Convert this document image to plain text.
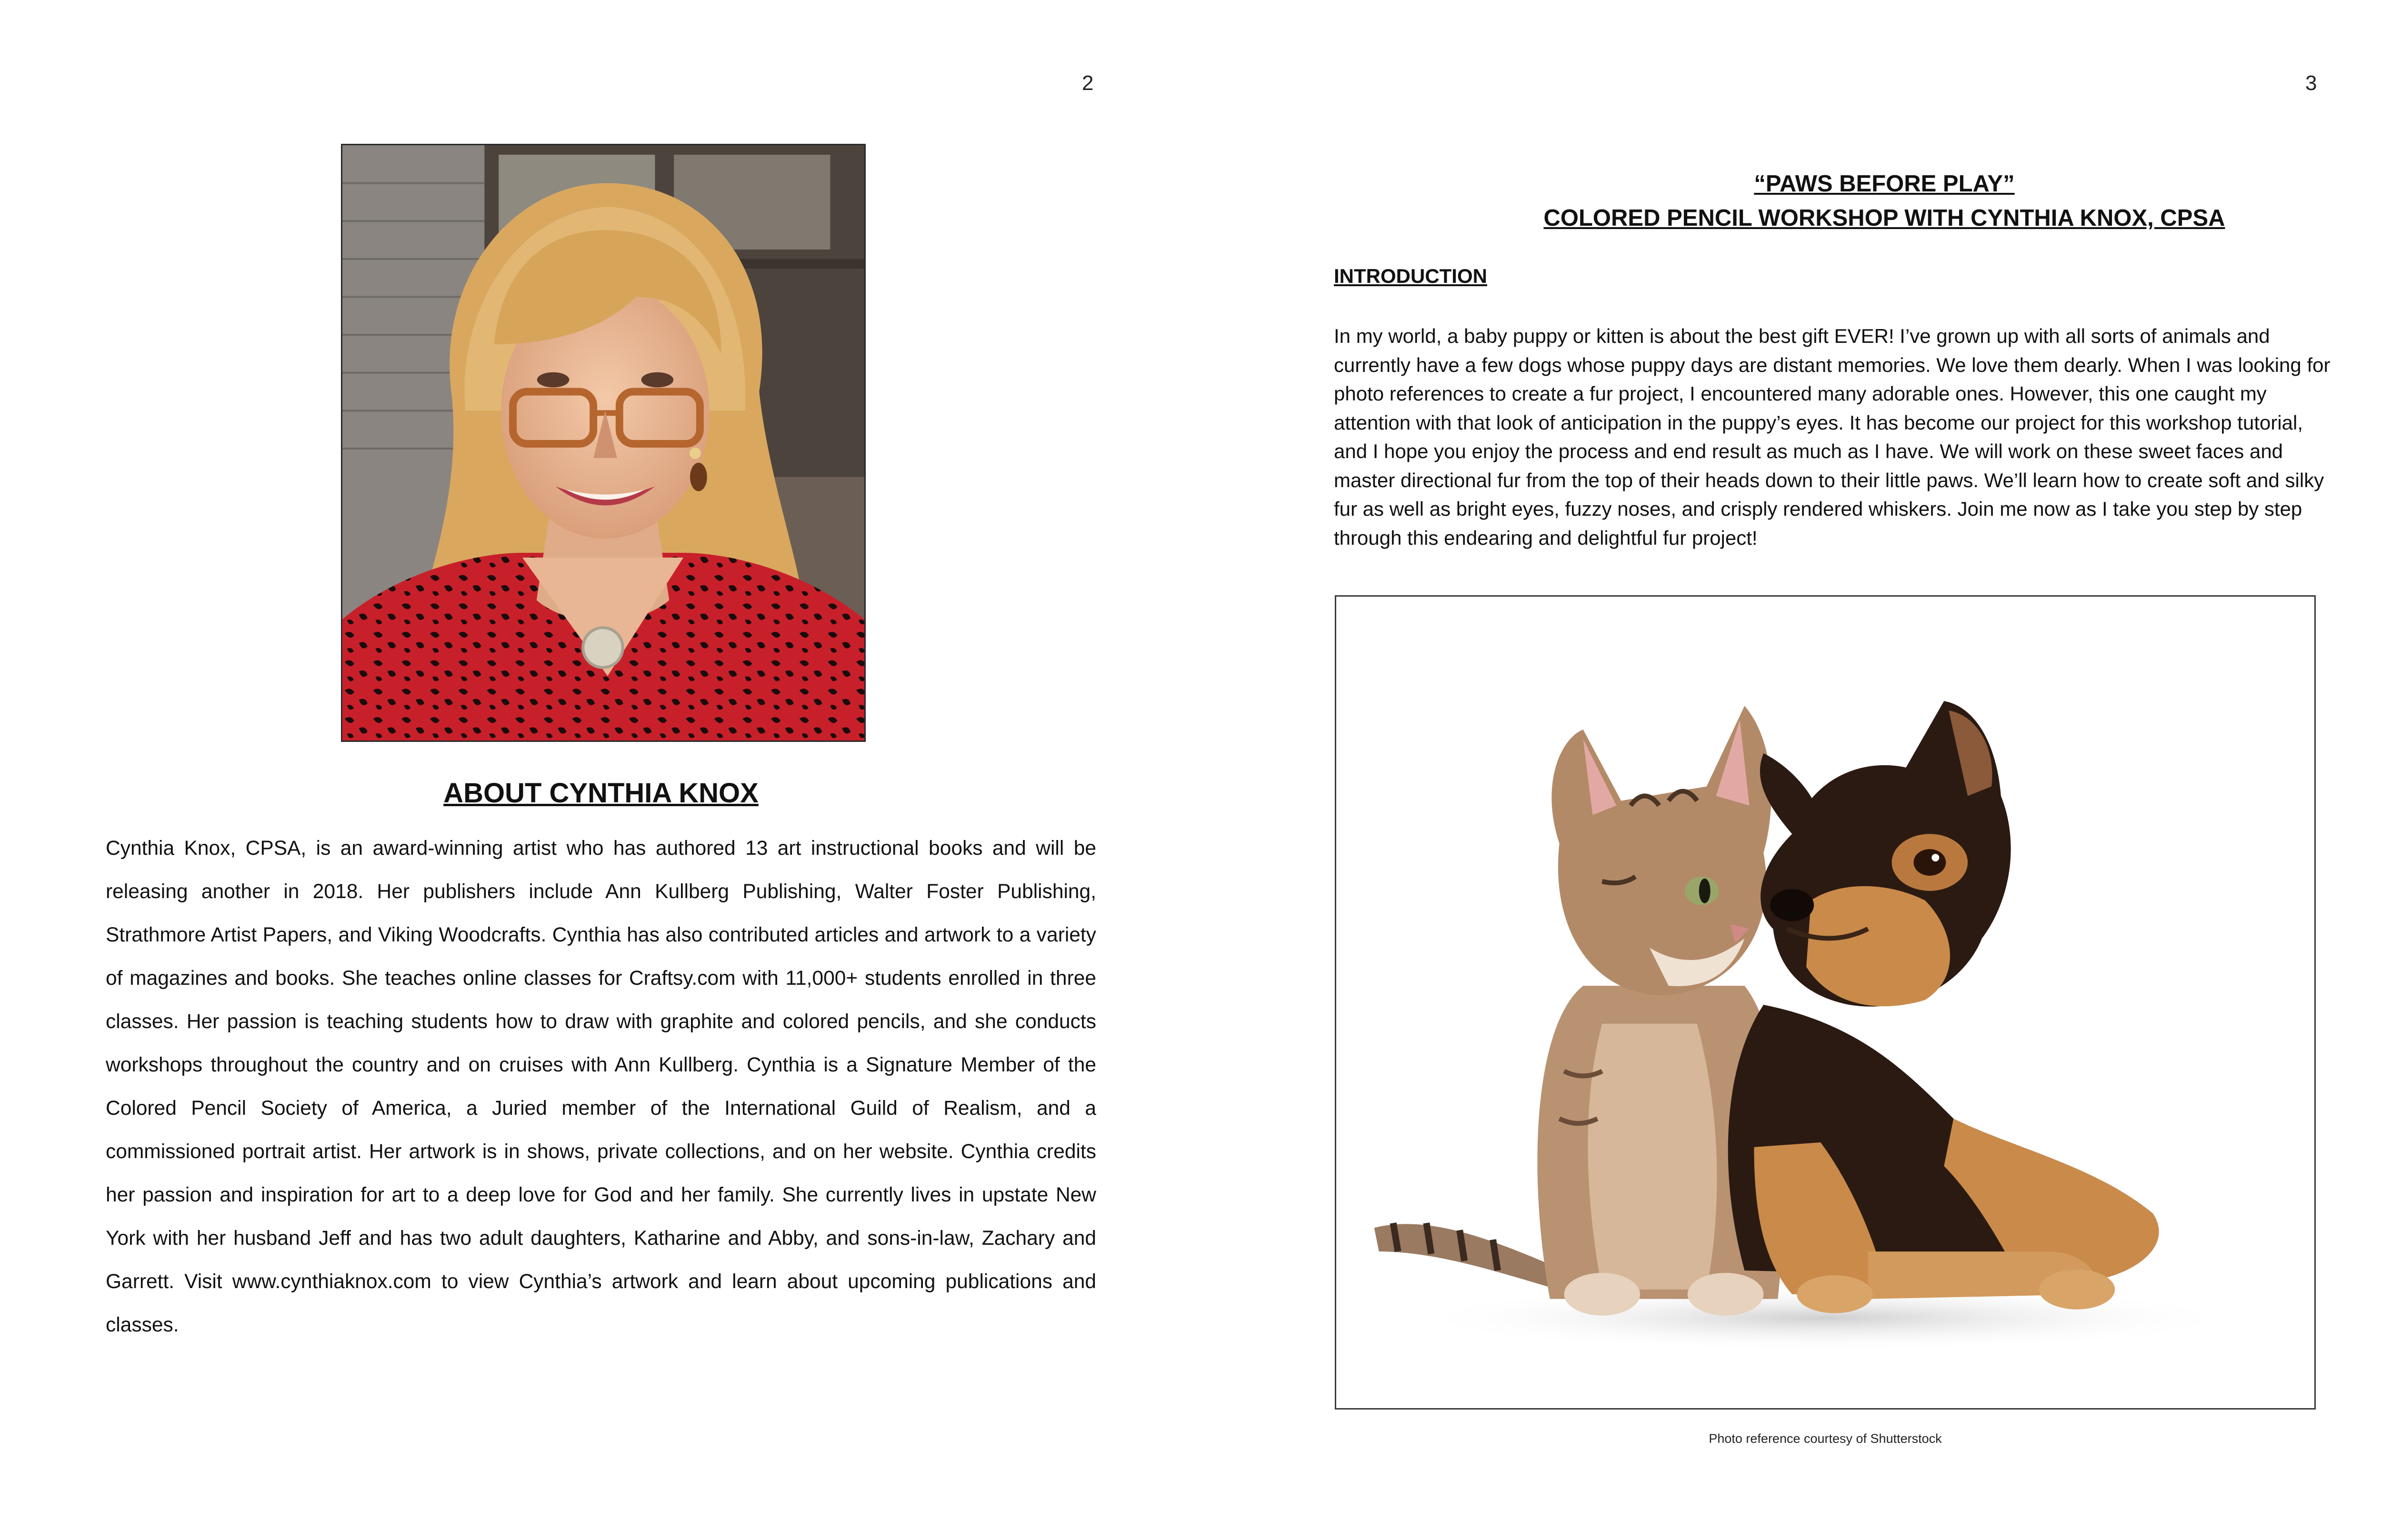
2
ABOUT CYNTHIA KNOX

Cynthia Knox, CPSA, is an award-winning artist who has authored 13 art instructional books and will be releasing another in 2018. Her publishers include Ann Kullberg Publishing, Walter Foster Publishing, Strathmore Artist Papers, and Viking Woodcrafts. Cynthia has also contributed articles and artwork to a variety of magazines and books. She teaches online classes for Craftsy.com with 11,000+ students enrolled in three classes. Her passion is teaching students how to draw with graphite and colored pencils, and she conducts workshops throughout the country and on cruises with Ann Kullberg. Cynthia is a Signature Member of the Colored Pencil Society of America, a Juried member of the International Guild of Realism, and a commissioned portrait artist. Her artwork is in shows, private collections, and on her website. Cynthia credits her passion and inspiration for art to a deep love for God and her family. She currently lives in upstate New York with her husband Jeff and has two adult daughters, Katharine and Abby, and sons-in-law, Zachary and Garrett. Visit www.cynthiaknox.com to view Cynthia’s artwork and learn about upcoming publications and classes.

3
“PAWS BEFORE PLAY”
COLORED PENCIL WORKSHOP WITH CYNTHIA KNOX, CPSA
INTRODUCTION

In my world, a baby puppy or kitten is about the best gift EVER! I’ve grown up with all sorts of animals and currently have a few dogs whose puppy days are distant memories. We love them dearly. When I was looking for photo references to create a fur project, I encountered many adorable ones. However, this one caught my attention with that look of anticipation in the puppy’s eyes. It has become our project for this workshop tutorial, and I hope you enjoy the process and end result as much as I have. We will work on these sweet faces and master directional fur from the top of their heads down to their little paws. We’ll learn how to create soft and silky fur as well as bright eyes, fuzzy noses, and crisply rendered whiskers. Join me now as I take you step by step through this endearing and delightful fur project!

Photo reference courtesy of Shutterstock
